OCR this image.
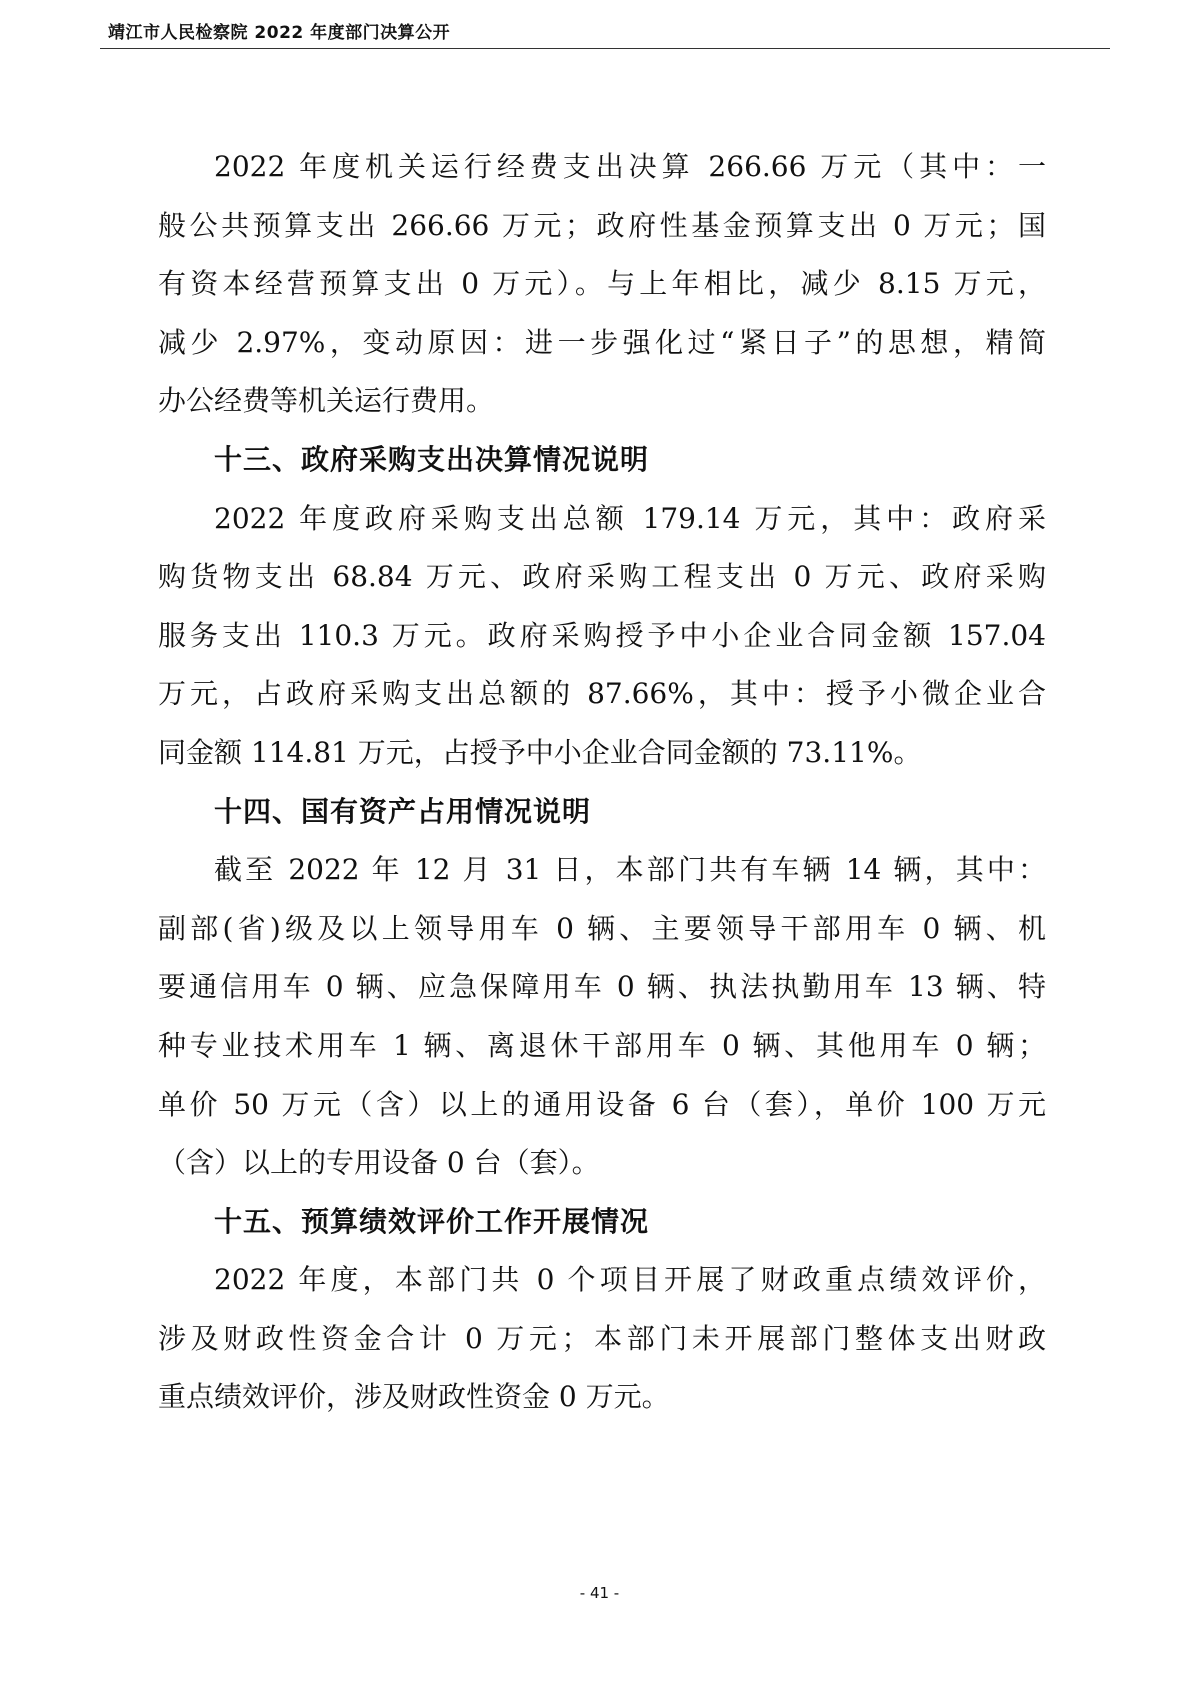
靖江市人民检察院 2022 年度部门决算公开
2022 年度机关运行经费支出决算 266.66 万元（其中：一
般公共预算支出 266.66 万元；政府性基金预算支出 0 万元；国
有资本经营预算支出 0 万元）。与上年相比，减少 8.15 万元，
减少 2.97%，变动原因：进一步强化过“紧日子”的思想，精简
办公经费等机关运行费用。
十三、政府采购支出决算情况说明
2022 年度政府采购支出总额 179.14 万元，其中：政府采
购货物支出 68.84 万元、政府采购工程支出 0 万元、政府采购
服务支出 110.3 万元。政府采购授予中小企业合同金额 157.04
万元，占政府采购支出总额的 87.66%，其中：授予小微企业合
同金额 114.81 万元，占授予中小企业合同金额的 73.11%。
十四、国有资产占用情况说明
截至 2022 年 12 月 31 日，本部门共有车辆 14 辆，其中：
副部(省)级及以上领导用车 0 辆、主要领导干部用车 0 辆、机
要通信用车 0 辆、应急保障用车 0 辆、执法执勤用车 13 辆、特
种专业技术用车 1 辆、离退休干部用车 0 辆、其他用车 0 辆；
单价 50 万元（含）以上的通用设备 6 台（套），单价 100 万元
（含）以上的专用设备 0 台（套）。
十五、预算绩效评价工作开展情况
2022 年度，本部门共 0 个项目开展了财政重点绩效评价，
涉及财政性资金合计 0 万元；本部门未开展部门整体支出财政
重点绩效评价，涉及财政性资金 0 万元。
- 41 -
